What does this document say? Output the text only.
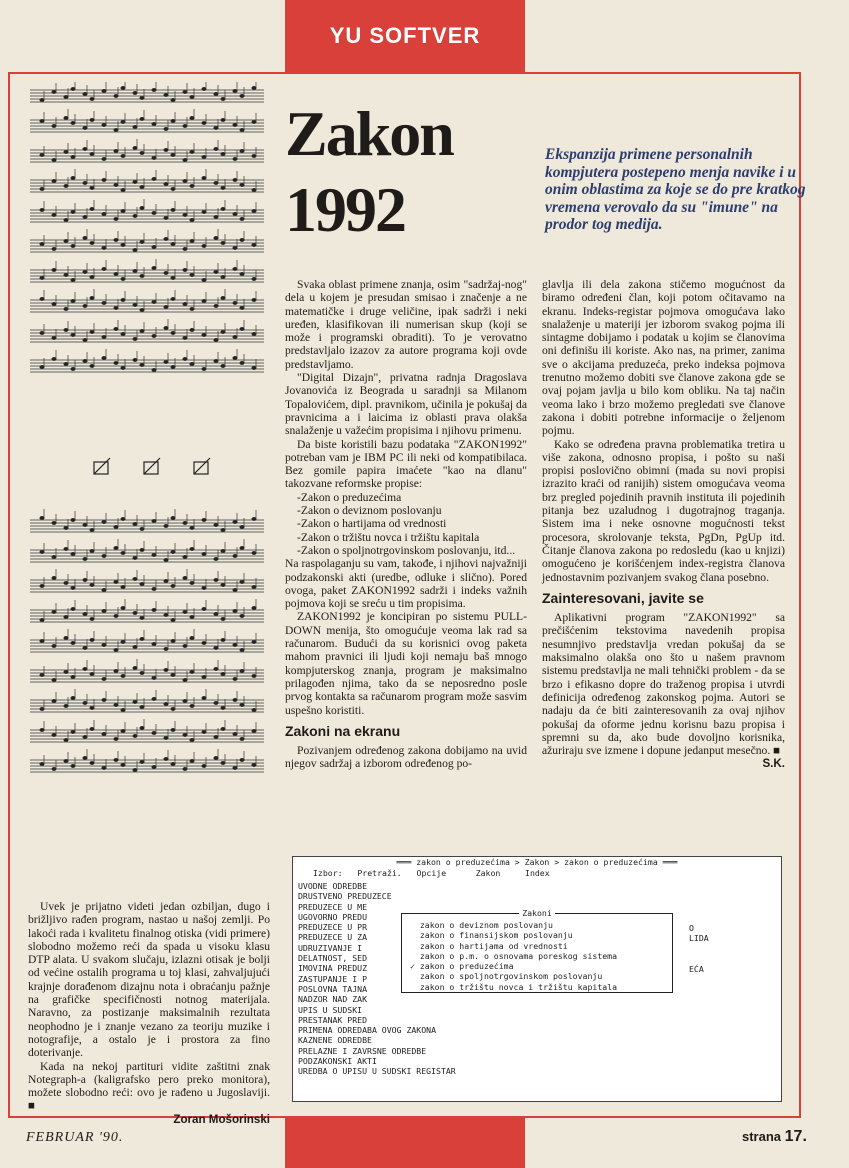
YU SOFTVER
Zakon
1992
Ekspanzija primene personalnih kompjutera postepeno menja navike i u onim oblastima za koje se do pre kratkog vremena verovalo da su "imune" na prodor tog medija.

Svaka oblast primene znanja, osim "sadržaj-nog" dela u kojem je presudan smisao i značenje a ne matematičke i druge veličine, ipak sadrži i neki uređen, klasifikovan ili numerisan skup (koji se može i programski obraditi). To je verovatno predstavljalo izazov za autore programa koji ovde predstavljamo.

"Digital Dizajn", privatna radnja Dragoslava Jovanovića iz Beograda u saradnji sa Milanom Topalovićem, dipl. pravnikom, učinila je pokušaj da pravnicima a i laicima iz oblasti prava olakša snalaženje u važećim propisima i njihovu primenu.

Da biste koristili bazu podataka "ZAKON1992" potreban vam je IBM PC ili neki od kompatibilaca. Bez gomile papira imaćete "kao na dlanu" takozvane reformske propise:

-Zakon o preduzećima

-Zakon o deviznom poslovanju

-Zakon o hartijama od vrednosti

-Zakon o tržištu novca i tržištu kapitala

-Zakon o spoljnotrgovinskom poslovanju, itd...

Na raspolaganju su vam, takođe, i njihovi najvažniji podzakonski akti (uredbe, odluke i slično). Pored ovoga, paket ZAKON1992 sadrži i indeks važnih pojmova koji se sreću u tim propisima.

ZAKON1992 je koncipiran po sistemu PULL-DOWN menija, što omogućuje veoma lak rad sa računarom. Budući da su korisnici ovog paketa mahom pravnici ili ljudi koji nemaju baš mnogo kompjuterskog znanja, program je maksimalno prilagođen njima, tako da se neposredno posle prvog kontakta sa računarom program može sasvim uspešno koristiti.

Zakoni na ekranu

Pozivanjem određenog zakona dobijamo na uvid njegov sadržaj a izborom određenog po-

glavlja ili dela zakona stičemo mogućnost da biramo određeni član, koji potom očitavamo na ekranu. Indeks-registar pojmova omogućava lako snalaženje u materiji jer izborom svakog pojma ili sintagme dobijamo i podatak u kojim se članovima oni definišu ili koriste. Ako nas, na primer, zanima sve o akcijama preduzeća, preko indeksa pojmova trenutno možemo dobiti sve članove zakona gde se ovaj pojam javlja u bilo kom obliku. Na taj način veoma lako i brzo možemo pregledati sve članove zakona i dobiti potrebne informacije o željenom pojmu.

Kako se određena pravna problematika tretira u više zakona, odnosno propisa, i pošto su naši propisi poslovično obimni (mada su novi propisi izrazito kraći od ranijih) sistem omogućava veoma brz pregled pojedinih pravnih instituta ili pojedinih pitanja bez uzaludnog i dugotrajnog traganja. Sistem ima i neke osnovne mogućnosti tekst procesora, skrolovanje teksta, PgDn, PgUp itd. Čitanje članova zakona po redosledu (kao u knjizi) omogućeno je korišćenjem index-registra članova jednostavnim pozivanjem svakog člana posebno.

Zainteresovani, javite se

Aplikativni program "ZAKON1992" sa prečišćenim tekstovima navedenih propisa nesumnjivo predstavlja vredan pokušaj da se maksimalno olakša ono što u našem pravnom sistemu predstavlja ne mali tehnički problem - da se brzo i efikasno dopre do traženog propisa i utvrdi definicija određenog zakonskog pojma. Autori se nadaju da će biti zainteresovanih za ovaj njihov pokušaj da oforme jednu korisnu bazu propisa i spremni su da, ako bude dovoljno korisnika, ažuriraju sve izmene i dopune jedanput mesečno. ■

S.K.

Uvek je prijatno videti jedan ozbiljan, dugo i brižljivo rađen program, nastao u našoj zemlji. Po lakoći rada i kvalitetu finalnog otiska (vidi primere) slobodno možemo reći da spada u visoku klasu DTP alata. U svakom slučaju, izlazni otisak je bolji od većine ostalih programa u toj klasi, zahvaljujući krajnje dorađenom dizajnu nota i obraćanju pažnje na grafičke specifičnosti notnog materijala. Naravno, za postizanje maksimalnih rezultata neophodno je i znanje vezano za teoriju muzike i notografije, a ostalo je i prostora za fino doterivanje.

Kada na nekoj partituri vidite zaštitni znak Notegraph-a (kaligrafsko pero preko monitora), možete slobodno reći: ovo je rađeno u Jugoslaviji. ■

Zoran Mošorinski
═══ zakon o preduzećima > Zakon > zakon o preduzećima ═══
Izbor: Pretraži. Opcije	Zakon	Index
UVODNE ODREDBE
DRUSTVENO PREDUZECE
PREDUZECE U ME
UGOVORNO PREDU
PREDUZECE U PR
PREDUZECE U ZA
UDRUZIVANJE I
DELATNOST, SED
IMOVINA PREDUZ
ZASTUPANJE I P
POSLOVNA TAJNA
NADZOR NAD ZAK
UPIS U SUDSKI
PRESTANAK PRED
PRIMENA ODREDABA OVOG ZAKONA
KAZNENE ODREDBE
PRELAZNE I ZAVRSNE ODREDBE
PODZAKONSKI AKTI
UREDBA O UPISU U SUDSKI REGISTAR
Zakoni
zakon o deviznom poslovanju
zakon o finansijskom poslovanju
zakon o hartijama od vrednosti
zakon o p.m. o osnovama poreskog sistema
✓ zakon o preduzećima
zakon o spoljnotrgovinskom poslovanju
zakon o tržištu novca i tržištu kapitala
O
LIDA
EĆA
FEBRUAR '90.	strana 17.
